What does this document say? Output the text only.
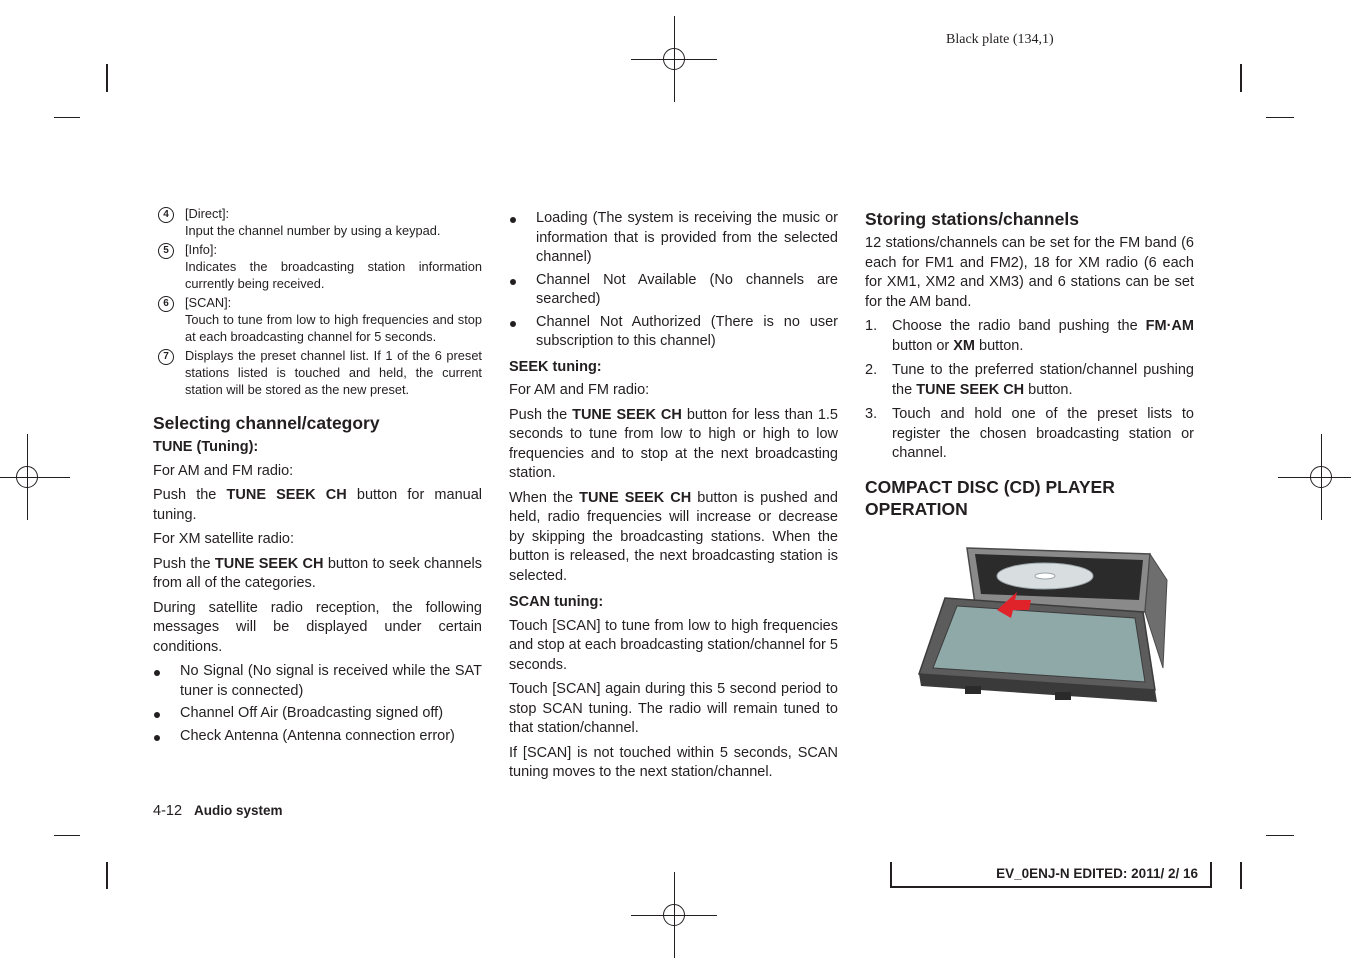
Black plate (134,1)
4	[Direct]:
Input the channel number by using a keypad.
5	[Info]:
Indicates the broadcasting station information currently being received.
6	[SCAN]:
Touch to tune from low to high frequencies and stop at each broadcasting channel for 5 seconds.
7	Displays the preset channel list. If 1 of the 6 preset stations listed is touched and held, the current station will be stored as the new preset.
Selecting channel/category
TUNE (Tuning):

For AM and FM radio:

Push the TUNE SEEK CH button for manual tuning.

For XM satellite radio:

Push the TUNE SEEK CH button to seek channels from all of the categories.

During satellite radio reception, the following messages will be displayed under certain conditions.

No Signal (No signal is received while the SAT tuner is connected)
Channel Off Air (Broadcasting signed off)
Check Antenna (Antenna connection error)
Loading (The system is receiving the music or information that is provided from the selected channel)
Channel Not Available (No channels are searched)
Channel Not Authorized (There is no user subscription to this channel)
SEEK tuning:

For AM and FM radio:

Push the TUNE SEEK CH button for less than 1.5 seconds to tune from low to high or high to low frequencies and to stop at the next broadcasting station.

When the TUNE SEEK CH button is pushed and held, radio frequencies will increase or decrease by skipping the broadcasting stations. When the button is released, the next broadcasting station is selected.

SCAN tuning:

Touch [SCAN] to tune from low to high frequencies and stop at each broadcasting station/channel for 5 seconds.

Touch [SCAN] again during this 5 second period to stop SCAN tuning. The radio will remain tuned to that station/channel.

If [SCAN] is not touched within 5 seconds, SCAN tuning moves to the next station/channel.

Storing stations/channels

12 stations/channels can be set for the FM band (6 each for FM1 and FM2), 18 for XM radio (6 each for XM1, XM2 and XM3) and 6 stations can be set for the AM band.

1. Choose the radio band pushing the FM·AM button or XM button.
2. Tune to the preferred station/channel pushing the TUNE SEEK CH button.
3. Touch and hold one of the preset lists to register the chosen broadcasting station or channel.
COMPACT DISC (CD) PLAYER OPERATION
4-12 Audio system
EV_0ENJ-N EDITED: 2011/ 2/ 16
